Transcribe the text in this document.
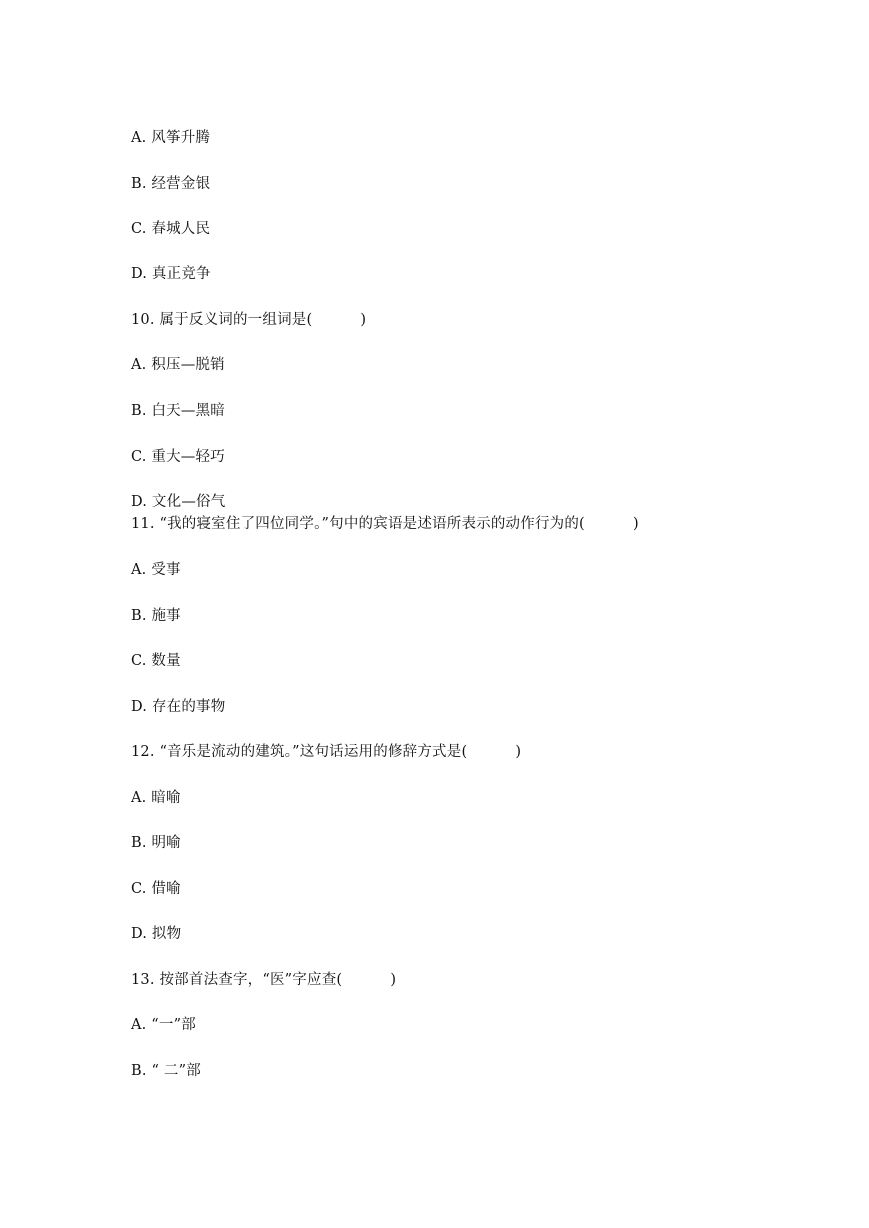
A. 风筝升腾
B. 经营金银
C. 春城人民
D. 真正竞争
10. 属于反义词的一组词是(          )
A. 积压—脱销
B. 白天—黑暗
C. 重大—轻巧
D. 文化—俗气
11. “我的寝室住了四位同学。”句中的宾语是述语所表示的动作行为的(          )
A. 受事
B. 施事
C. 数量
D. 存在的事物
12. “音乐是流动的建筑。”这句话运用的修辞方式是(          )
A. 暗喻
B. 明喻
C. 借喻
D. 拟物
13. 按部首法查字，“医”字应查(          )
A. “一”部
B. “ 二”部
